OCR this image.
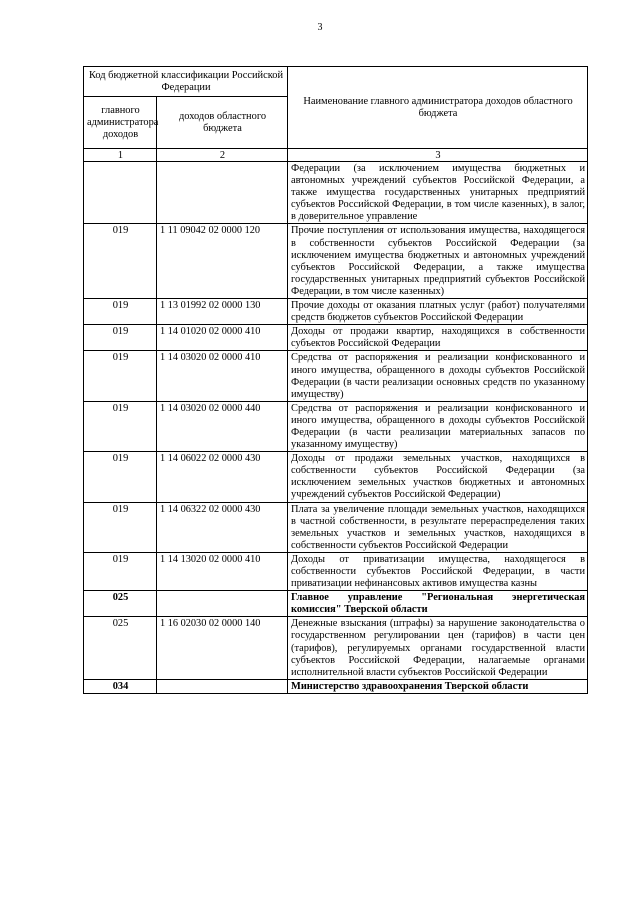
3
Код бюджетной классификации Российской Федерации		Наименование главного администратора доходов областного бюджета
главного администратора доходов	доходов областного бюджета	
1	2	3
		Федерации (за исключением имущества бюджетных и автономных учреждений субъектов Российской Федерации, а также имущества государственных унитарных предприятий субъектов Российской Федерации, в том числе казенных), в залог, в доверительное управление
019	1 11 09042 02 0000 120	Прочие поступления от использования имущества, находящегося в собственности субъектов Российской Федерации (за исключением имущества бюджетных и автономных учреждений субъектов Российской Федерации, а также имущества государственных унитарных предприятий субъектов Российской Федерации, в том числе казенных)
019	1 13 01992 02 0000 130	Прочие доходы от оказания платных услуг (работ) получателями средств бюджетов субъектов Российской Федерации
019	1 14 01020 02 0000 410	Доходы от продажи квартир, находящихся в собственности субъектов Российской Федерации
019	1 14 03020 02 0000 410	Средства от распоряжения и реализации конфискованного и иного имущества, обращенного в доходы субъектов Российской Федерации (в части реализации основных средств по указанному имуществу)
019	1 14 03020 02 0000 440	Средства от распоряжения и реализации конфискованного и иного имущества, обращенного в доходы субъектов Российской Федерации (в части реализации материальных запасов по указанному имуществу)
019	1 14 06022 02 0000 430	Доходы от продажи земельных участков, находящихся в собственности субъектов Российской Федерации (за исключением земельных участков бюджетных и автономных учреждений субъектов Российской Федерации)
019	1 14 06322 02 0000 430	Плата за увеличение площади земельных участков, находящихся в частной собственности, в результате перераспределения таких земельных участков и земельных участков, находящихся в собственности субъектов Российской Федерации
019	1 14 13020 02 0000 410	Доходы от приватизации имущества, находящегося в собственности субъектов Российской Федерации, в части приватизации нефинансовых активов имущества казны
025		Главное управление "Региональная энергетическая комиссия" Тверской области
025	1 16 02030 02 0000 140	Денежные взыскания (штрафы) за нарушение законодательства о государственном регулировании цен (тарифов) в части цен (тарифов), регулируемых органами государственной власти субъектов Российской Федерации, налагаемые органами исполнительной власти субъектов Российской Федерации
034		Министерство здравоохранения Тверской области
